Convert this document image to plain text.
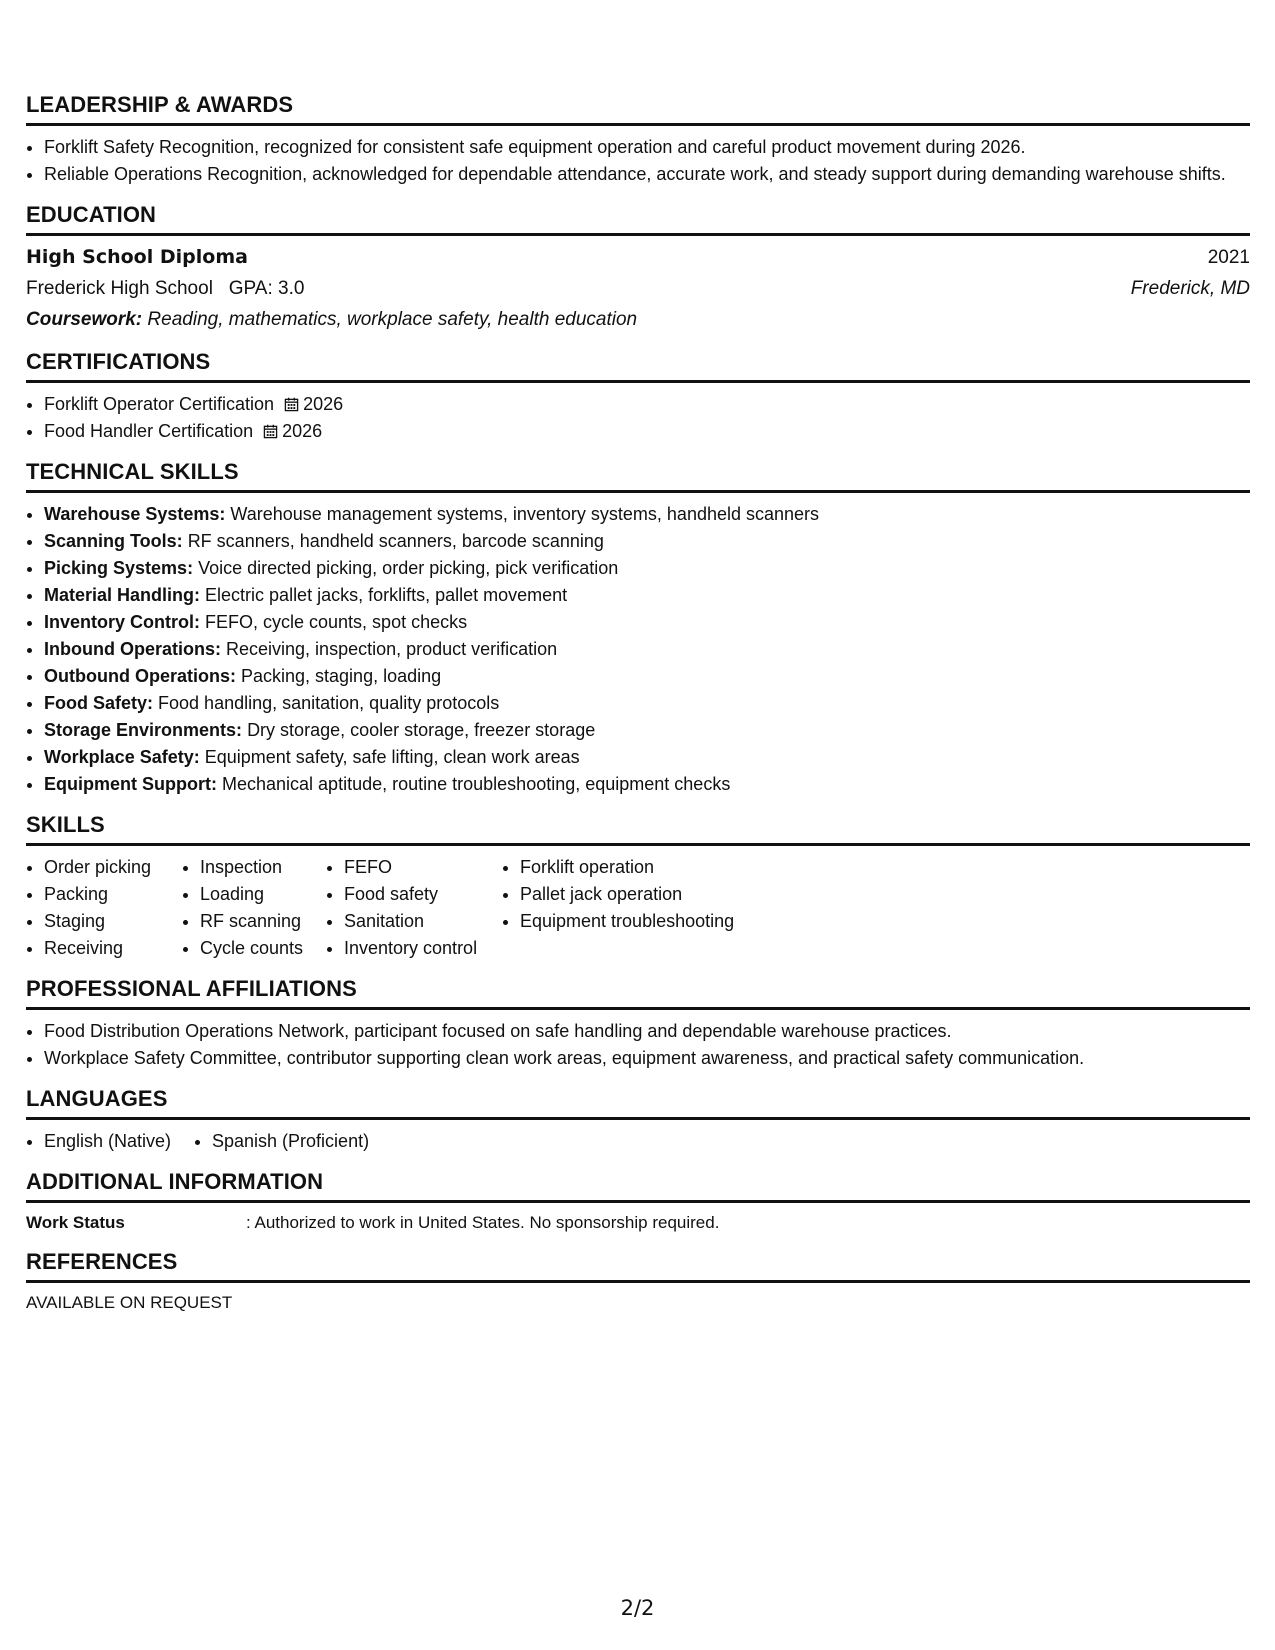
LEADERSHIP & AWARDS
• Forklift Safety Recognition, recognized for consistent safe equipment operation and careful product movement during 2026.
• Reliable Operations Recognition, acknowledged for dependable attendance, accurate work, and steady support during demanding warehouse shifts.
EDUCATION
High School Diploma	2021
Frederick High School GPA: 3.0	Frederick, MD
Coursework: Reading, mathematics, workplace safety, health education
CERTIFICATIONS
• Forklift Operator Certification 2026
• Food Handler Certification 2026
TECHNICAL SKILLS
• Warehouse Systems: Warehouse management systems, inventory systems, handheld scanners
• Scanning Tools: RF scanners, handheld scanners, barcode scanning
• Picking Systems: Voice directed picking, order picking, pick verification
• Material Handling: Electric pallet jacks, forklifts, pallet movement
• Inventory Control: FEFO, cycle counts, spot checks
• Inbound Operations: Receiving, inspection, product verification
• Outbound Operations: Packing, staging, loading
• Food Safety: Food handling, sanitation, quality protocols
• Storage Environments: Dry storage, cooler storage, freezer storage
• Workplace Safety: Equipment safety, safe lifting, clean work areas
• Equipment Support: Mechanical aptitude, routine troubleshooting, equipment checks
SKILLS
• Order picking
• Packing
• Staging
• Receiving
• Inspection
• Loading
• RF scanning
• Cycle counts
• FEFO
• Food safety
• Sanitation
• Inventory control
• Forklift operation
• Pallet jack operation
• Equipment troubleshooting
PROFESSIONAL AFFILIATIONS
• Food Distribution Operations Network, participant focused on safe handling and dependable warehouse practices.
• Workplace Safety Committee, contributor supporting clean work areas, equipment awareness, and practical safety communication.
LANGUAGES
• English (Native)
•	Spanish (Proficient)
ADDITIONAL INFORMATION
Work Status	: Authorized to work in United States. No sponsorship required.
REFERENCES
AVAILABLE ON REQUEST
2/2
